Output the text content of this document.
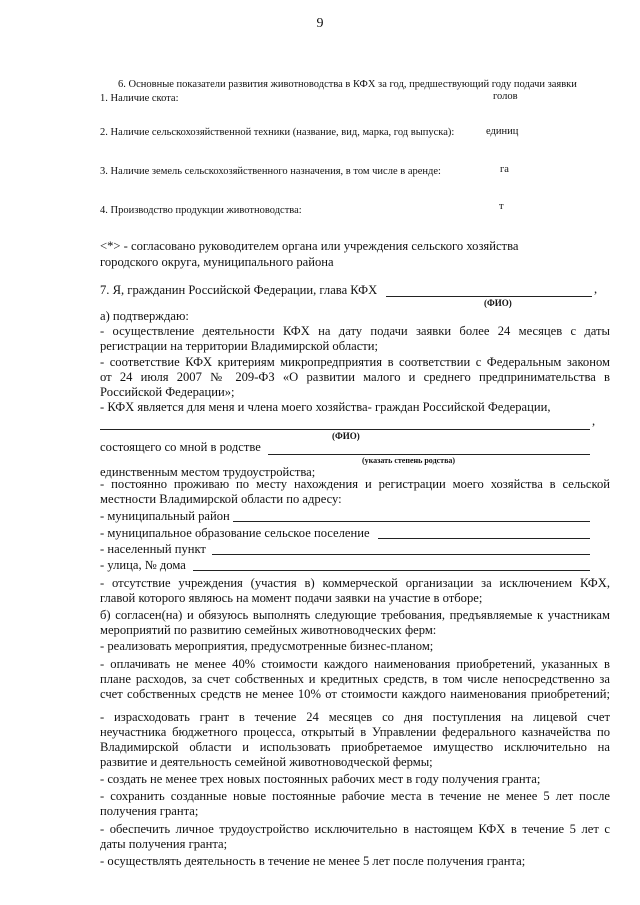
9
6. Основные показатели развития животноводства в КФХ за год, предшествующий году подачи заявки
1. Наличие скота:	голов
2. Наличие сельскохозяйственной техники (название, вид, марка, год выпуска):	единиц
3. Наличие земель сельскохозяйственного назначения, в том числе в аренде:	га
4. Производство продукции животноводства:	т
<*> - согласовано руководителем органа или учреждения сельского хозяйства
городского округа, муниципального района
7. Я, гражданин Российской Федерации, глава КФХ	,
(ФИО)
а) подтверждаю:
- осуществление деятельности КФХ на дату подачи заявки более 24 месяцев с даты
регистрации на территории Владимирской области;
- соответствие КФХ критериям микропредприятия в соответствии с Федеральным законом
от 24 июля 2007 № 209-ФЗ «О развитии малого и среднего предпринимательства в
Российской Федерации»;
- КФХ является для меня и члена моего хозяйства- граждан Российской Федерации,
,
(ФИО)
состоящего со мной в родстве
(указать степень родства)
единственным местом трудоустройства;
- постоянно проживаю по месту нахождения и регистрации моего хозяйства в сельской
местности Владимирской области по адресу:
- муниципальный район
- муниципальное образование сельское поселение
- населенный пункт
- улица, № дома
- отсутствие учреждения (участия в) коммерческой организации за исключением КФХ,
главой которого являюсь на момент подачи заявки на участие в отборе;
б) согласен(на) и обязуюсь выполнять следующие требования, предъявляемые к участникам
мероприятий по развитию семейных животноводческих ферм:
- реализовать мероприятия, предусмотренные бизнес-планом;
- оплачивать не менее 40% стоимости каждого наименования приобретений, указанных в
плане расходов, за счет собственных и кредитных средств, в том числе непосредственно за
счет собственных средств не менее 10% от стоимости каждого наименования приобретений;
- израсходовать грант в течение 24 месяцев со дня поступления на лицевой счет
неучастника бюджетного процесса, открытый в Управлении федерального казначейства по
Владимирской области и использовать приобретаемое имущество исключительно на
развитие и деятельность семейной животноводческой фермы;
- создать не менее трех новых постоянных рабочих мест в году получения гранта;
- сохранить созданные новые постоянные рабочие места в течение не менее 5 лет после
получения гранта;
- обеспечить личное трудоустройство исключительно в настоящем КФХ в течение 5 лет с
даты получения гранта;
- осуществлять деятельность в течение не менее 5 лет после получения гранта;
